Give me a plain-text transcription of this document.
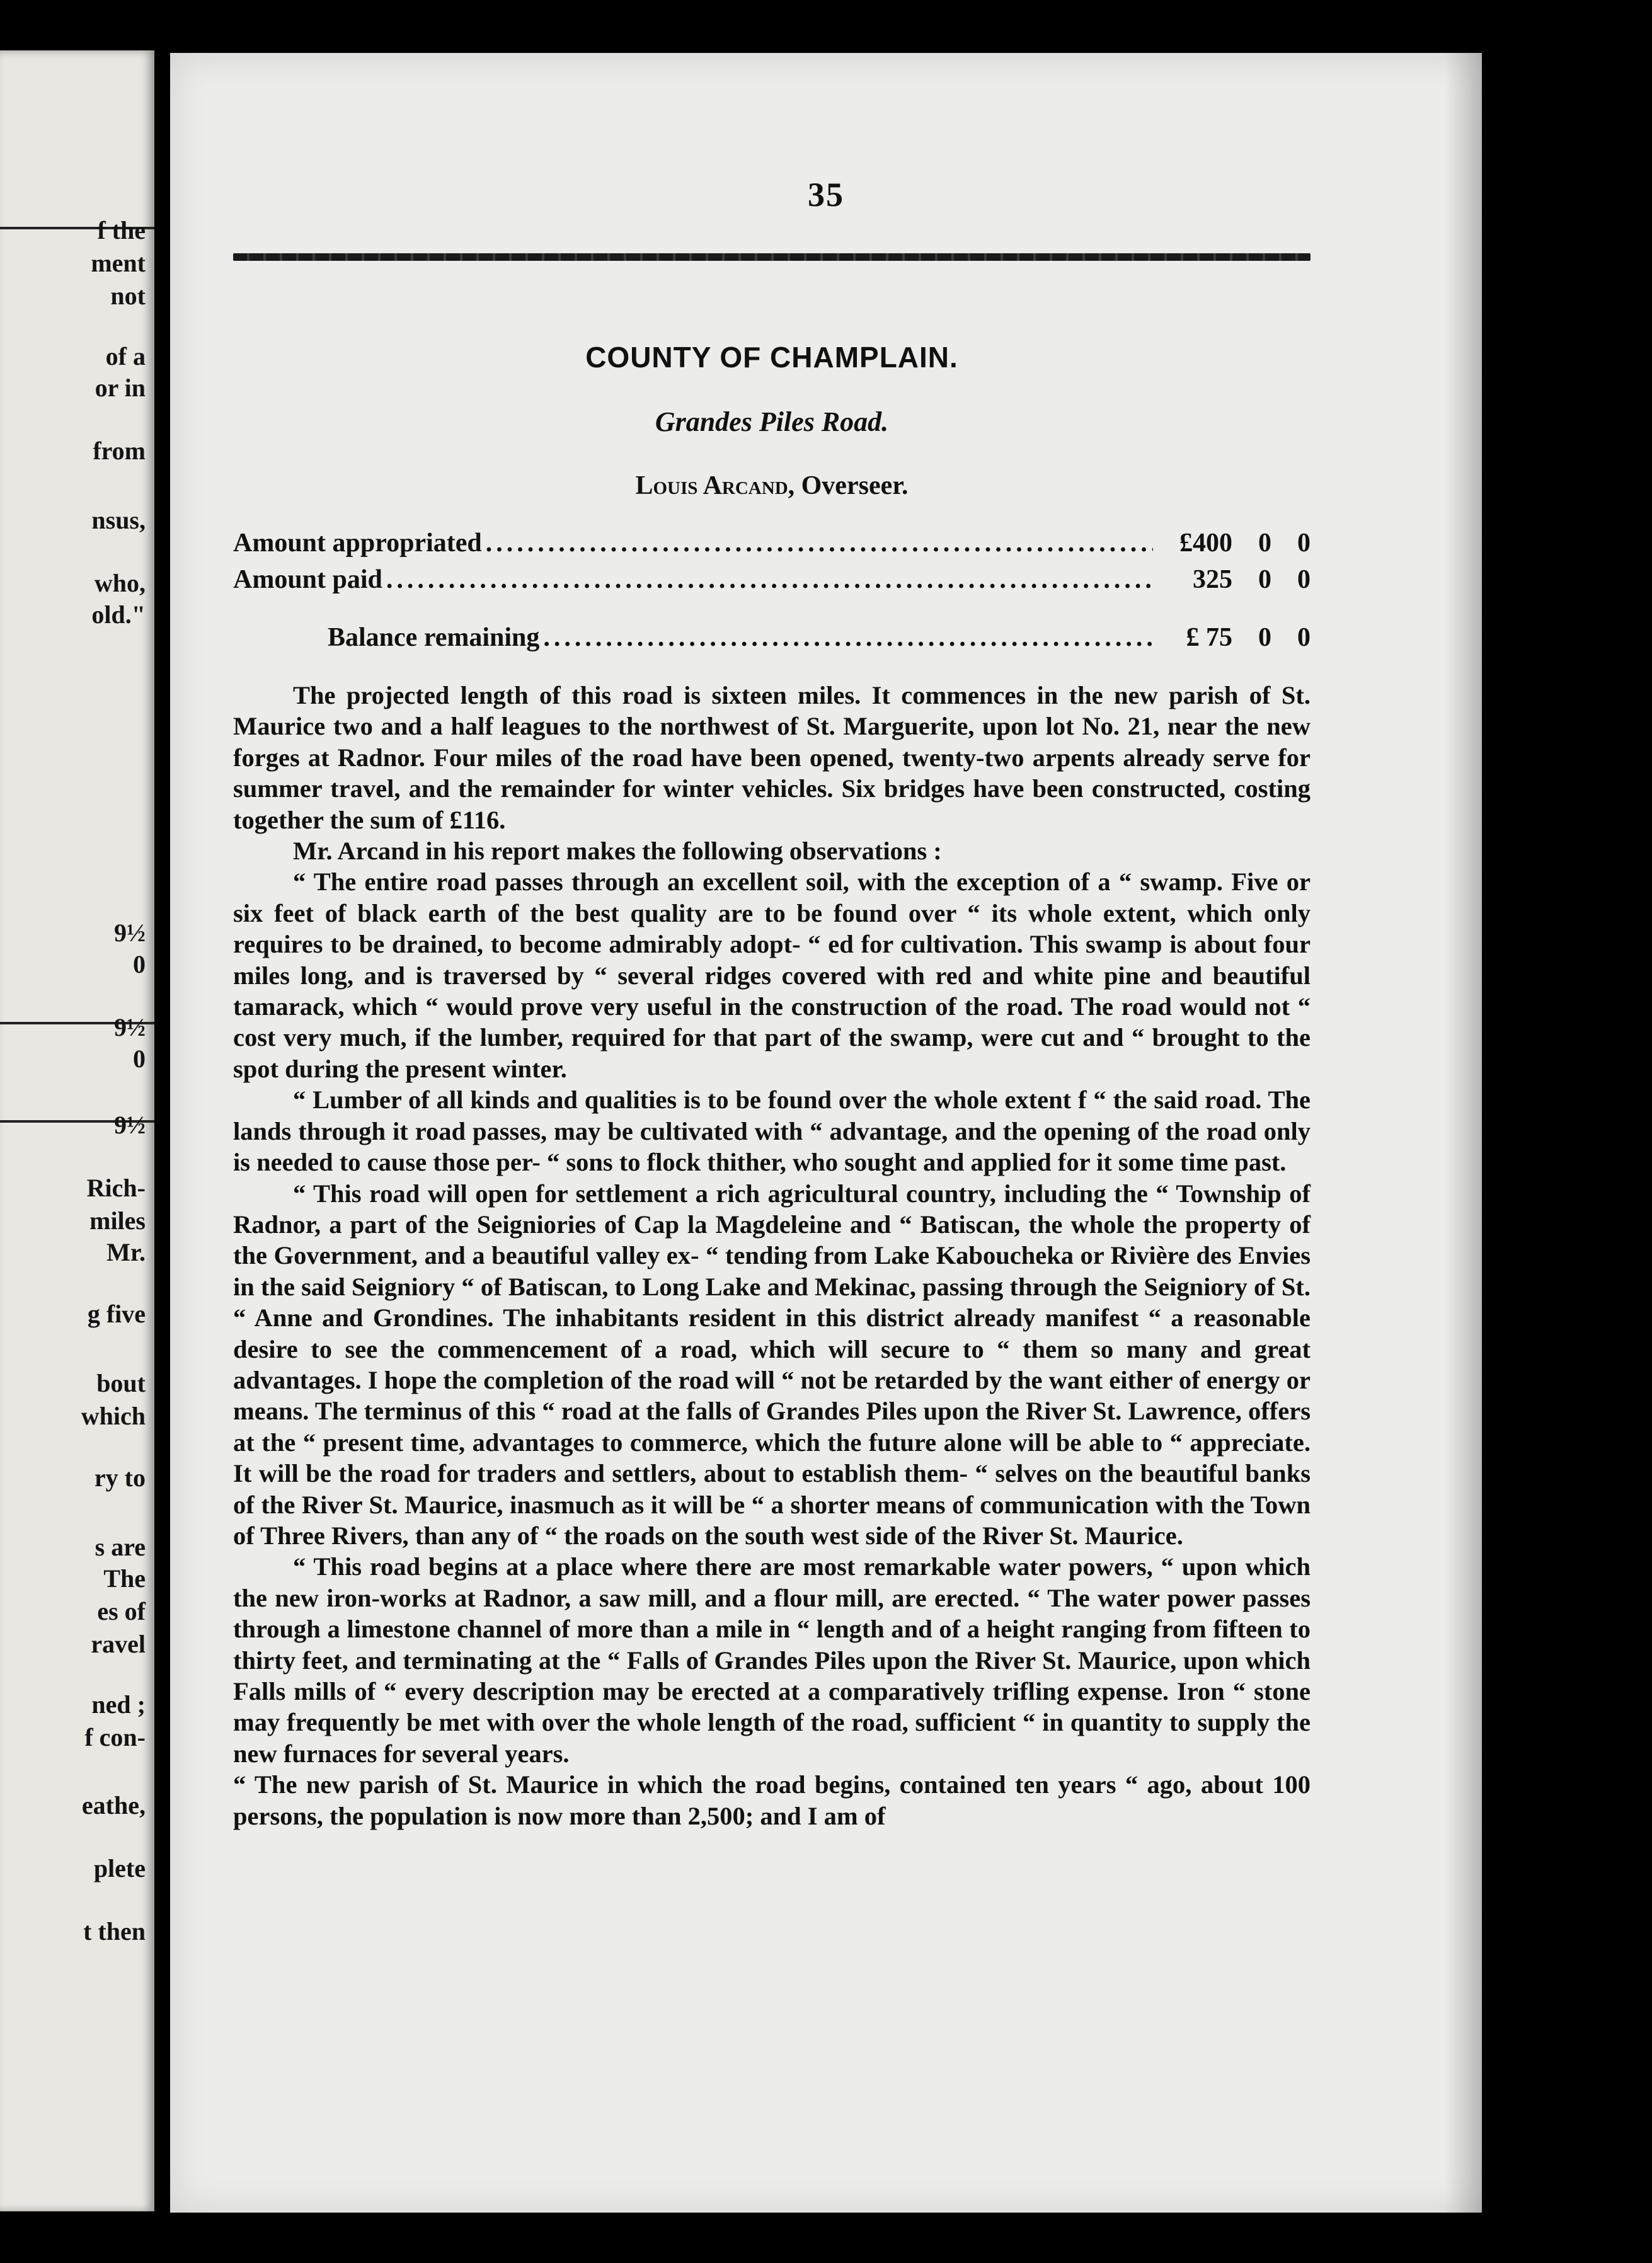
f the
ment
not
of a
or in
from
nsus,
who,
old."
9½
0
9½
0
9½
Rich-
miles
Mr.
g five
bout
which
ry to
s are
The
es of
ravel
ned ;
f con-
eathe,
plete
t then
35
COUNTY OF CHAMPLAIN.
Grandes Piles Road.
Louis Arcand, Overseer.
Amount appropriated .....	£400 0 0
Amount paid .....	325 0 0
Balance remaining .....	£ 75 0 0

The projected length of this road is sixteen miles. It commences in the new parish of St. Maurice two and a half leagues to the northwest of St. Marguerite, upon lot No. 21, near the new forges at Radnor. Four miles of the road have been opened, twenty-two arpents already serve for summer travel, and the remainder for winter vehicles. Six bridges have been constructed, costing together the sum of £116.

Mr. Arcand in his report makes the following observations :

“ The entire road passes through an excellent soil, with the exception of a “ swamp. Five or six feet of black earth of the best quality are to be found over “ its whole extent, which only requires to be drained, to become admirably adopt- “ ed for cultivation. This swamp is about four miles long, and is traversed by “ several ridges covered with red and white pine and beautiful tamarack, which “ would prove very useful in the construction of the road. The road would not “ cost very much, if the lumber, required for that part of the swamp, were cut and “ brought to the spot during the present winter.

“ Lumber of all kinds and qualities is to be found over the whole extent f “ the said road. The lands through it road passes, may be cultivated with “ advantage, and the opening of the road only is needed to cause those per- “ sons to flock thither, who sought and applied for it some time past.

“ This road will open for settlement a rich agricultural country, including the “ Township of Radnor, a part of the Seigniories of Cap la Magdeleine and “ Batiscan, the whole the property of the Government, and a beautiful valley ex- “ tending from Lake Kaboucheka or Rivière des Envies in the said Seigniory “ of Batiscan, to Long Lake and Mekinac, passing through the Seigniory of St. “ Anne and Grondines. The inhabitants resident in this district already manifest “ a reasonable desire to see the commencement of a road, which will secure to “ them so many and great advantages. I hope the completion of the road will “ not be retarded by the want either of energy or means. The terminus of this “ road at the falls of Grandes Piles upon the River St. Lawrence, offers at the “ present time, advantages to commerce, which the future alone will be able to “ appreciate. It will be the road for traders and settlers, about to establish them- “ selves on the beautiful banks of the River St. Maurice, inasmuch as it will be “ a shorter means of communication with the Town of Three Rivers, than any of “ the roads on the south west side of the River St. Maurice.

“ This road begins at a place where there are most remarkable water powers, “ upon which the new iron-works at Radnor, a saw mill, and a flour mill, are erected. “ The water power passes through a limestone channel of more than a mile in “ length and of a height ranging from fifteen to thirty feet, and terminating at the “ Falls of Grandes Piles upon the River St. Maurice, upon which Falls mills of “ every description may be erected at a comparatively trifling expense. Iron “ stone may frequently be met with over the whole length of the road, sufficient “ in quantity to supply the new furnaces for several years.

“ The new parish of St. Maurice in which the road begins, contained ten years “ ago, about 100 persons, the population is now more than 2,500; and I am of
